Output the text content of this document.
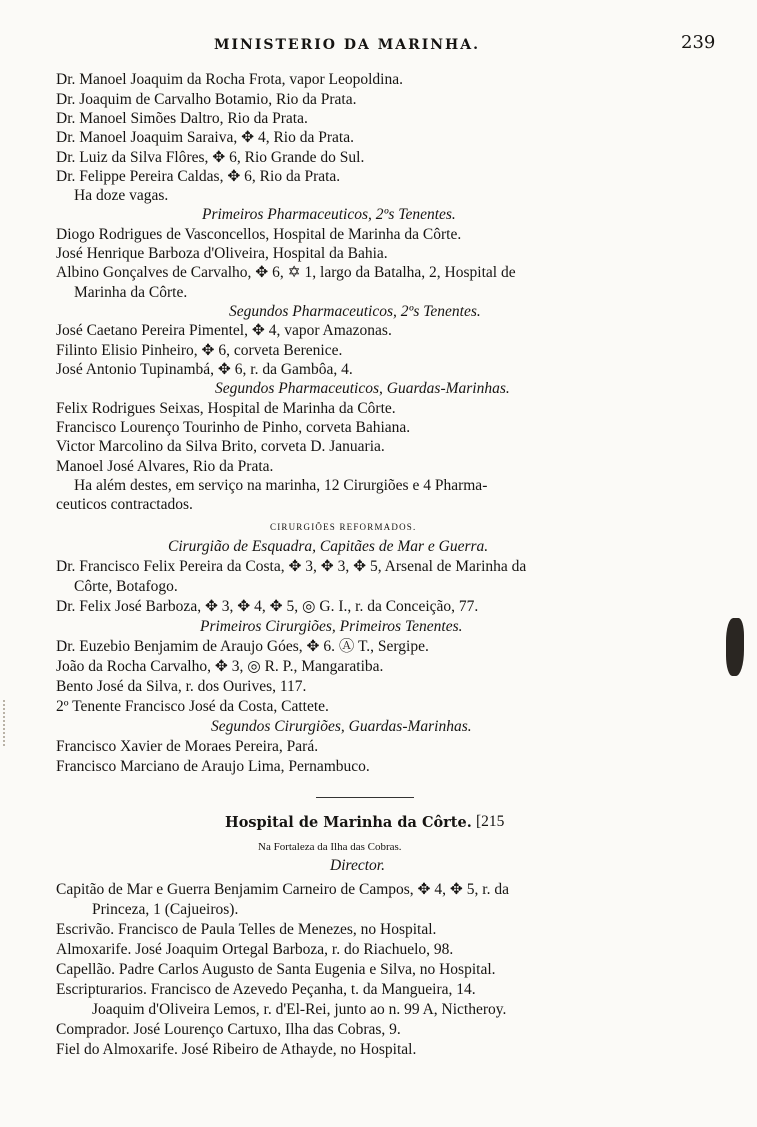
MINISTERIO DA MARINHA.	239
Dr. Manoel Joaquim da Rocha Frota, vapor Leopoldina.
Dr. Joaquim de Carvalho Botamio, Rio da Prata.
Dr. Manoel Simões Daltro, Rio da Prata.
Dr. Manoel Joaquim Saraiva, ✥ 4, Rio da Prata.
Dr. Luiz da Silva Flôres, ✥ 6, Rio Grande do Sul.
Dr. Felippe Pereira Caldas, ✥ 6, Rio da Prata.
Ha doze vagas.
Primeiros Pharmaceuticos, 2ºs Tenentes.
Diogo Rodrigues de Vasconcellos, Hospital de Marinha da Côrte.
José Henrique Barboza d'Oliveira, Hospital da Bahia.
Albino Gonçalves de Carvalho, ✥ 6, ✡ 1, largo da Batalha, 2, Hospital de
Marinha da Côrte.
Segundos Pharmaceuticos, 2ºs Tenentes.
José Caetano Pereira Pimentel, ✥ 4, vapor Amazonas.
Filinto Elisio Pinheiro, ✥ 6, corveta Berenice.
José Antonio Tupinambá, ✥ 6, r. da Gambôa, 4.
Segundos Pharmaceuticos, Guardas-Marinhas.
Felix Rodrigues Seixas, Hospital de Marinha da Côrte.
Francisco Lourenço Tourinho de Pinho, corveta Bahiana.
Victor Marcolino da Silva Brito, corveta D. Januaria.
Manoel José Alvares, Rio da Prata.
Ha além destes, em serviço na marinha, 12 Cirurgiões e 4 Pharma-
ceuticos contractados.
CIRURGIÕES REFORMADOS.
Cirurgião de Esquadra, Capitães de Mar e Guerra.
Dr. Francisco Felix Pereira da Costa, ✥ 3, ✥ 3, ✥ 5, Arsenal de Marinha da
Côrte, Botafogo.
Dr. Felix José Barboza, ✥ 3, ✥ 4, ✥ 5, ◎ G. I., r. da Conceição, 77.
Primeiros Cirurgiões, Primeiros Tenentes.
Dr. Euzebio Benjamim de Araujo Góes, ✥ 6. Ⓐ T., Sergipe.
João da Rocha Carvalho, ✥ 3, ◎ R. P., Mangaratiba.
Bento José da Silva, r. dos Ourives, 117.
2º Tenente Francisco José da Costa, Cattete.
Segundos Cirurgiões, Guardas-Marinhas.
Francisco Xavier de Moraes Pereira, Pará.
Francisco Marciano de Araujo Lima, Pernambuco.
Hospital de Marinha da Côrte. [215
Na Fortaleza da Ilha das Cobras.
Director.
Capitão de Mar e Guerra Benjamim Carneiro de Campos, ✥ 4, ✥ 5, r. da
Princeza, 1 (Cajueiros).
Escrivão. Francisco de Paula Telles de Menezes, no Hospital.
Almoxarife. José Joaquim Ortegal Barboza, r. do Riachuelo, 98.
Capellão. Padre Carlos Augusto de Santa Eugenia e Silva, no Hospital.
Escripturarios. Francisco de Azevedo Peçanha, t. da Mangueira, 14.
Joaquim d'Oliveira Lemos, r. d'El-Rei, junto ao n. 99 A, Nictheroy.
Comprador. José Lourenço Cartuxo, Ilha das Cobras, 9.
Fiel do Almoxarife. José Ribeiro de Athayde, no Hospital.
